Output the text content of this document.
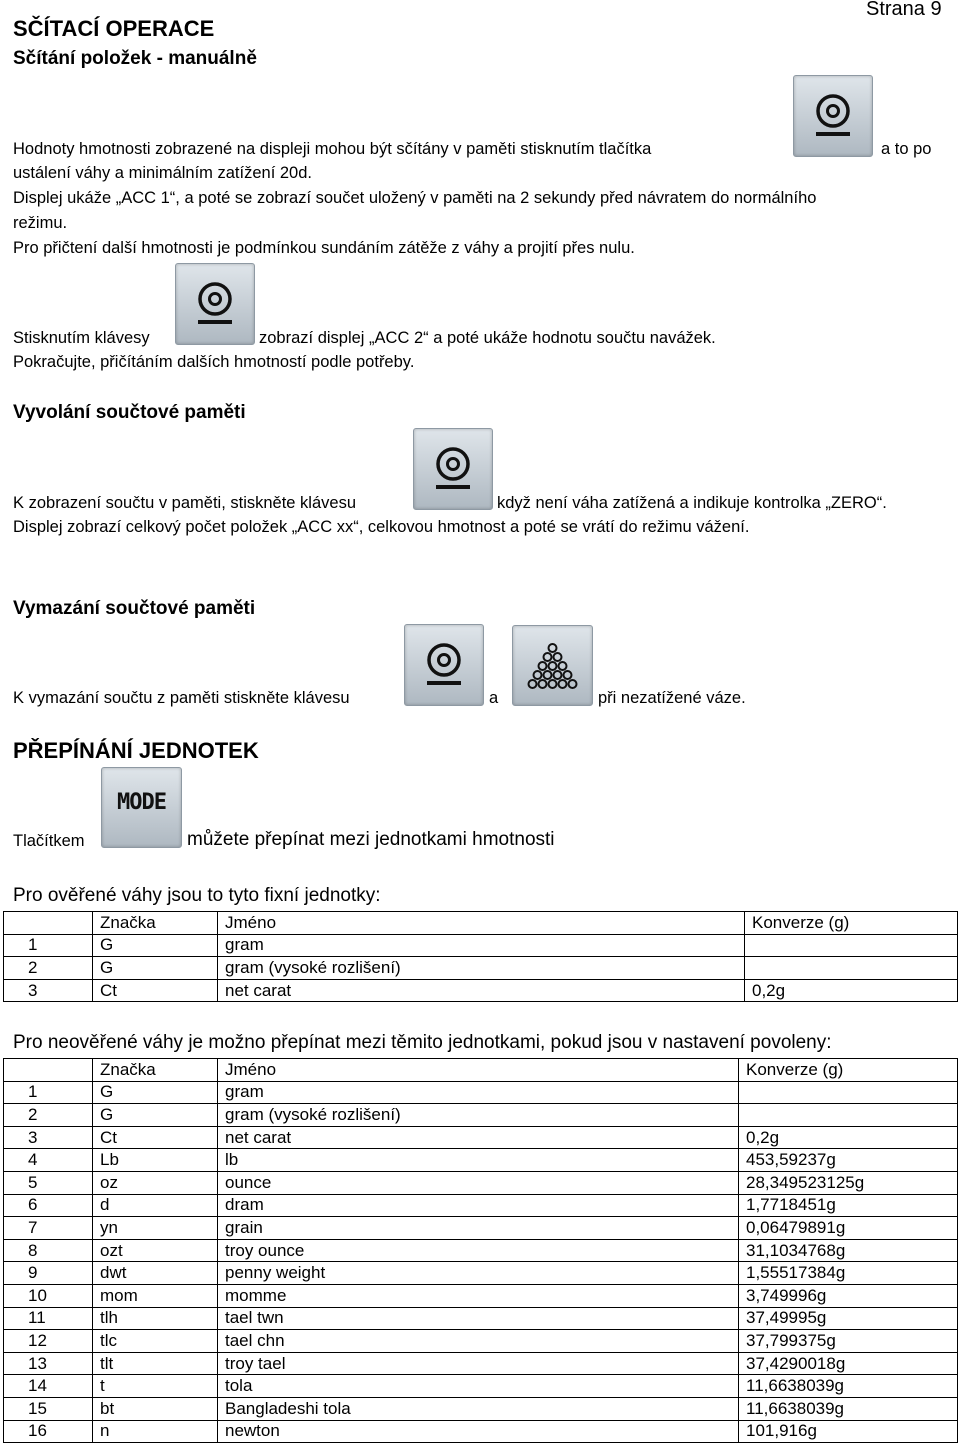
SČÍTACÍ OPERACE
Sčítání položek - manuálně
Strana 9
Hodnoty hmotnosti zobrazené na displeji mohou být sčítány v paměti stisknutím tlačítka	a to po
ustálení váhy a minimálním zatížení 20d.
Displej ukáže „ACC 1“, a poté se zobrazí součet uložený v paměti na 2 sekundy před návratem do normálního
režimu.
Pro přičtení další hmotnosti je podmínkou sundáním zátěže z váhy a projití přes nulu.
Stisknutím klávesy	zobrazí displej „ACC 2“ a poté ukáže hodnotu součtu navážek.
Pokračujte, přičítáním dalších hmotností podle potřeby.
Vyvolání součtové paměti
K zobrazení součtu v paměti, stiskněte klávesu	když není váha zatížená a indikuje kontrolka „ZERO“.
Displej zobrazí celkový počet položek „ACC xx“, celkovou hmotnost a poté se vrátí do režimu vážení.
Vymazání součtové paměti
K vymazání součtu z paměti stiskněte klávesu	a	při nezatížené váze.
PŘEPÍNÁNÍ JEDNOTEK
Tlačítkem
MODE
můžete přepínat mezi jednotkami hmotnosti
Pro ověřené váhy jsou to tyto fixní jednotky:
	Značka	Jméno	Konverze (g)
1	G	gram	
2	G	gram (vysoké rozlišení)	
3	Ct	net carat	0,2g
Pro neověřené váhy je možno přepínat mezi těmito jednotkami, pokud jsou v nastavení povoleny:
	Značka	Jméno	Konverze (g)
1	G	gram	
2	G	gram (vysoké rozlišení)	
3	Ct	net carat	0,2g
4	Lb	lb	453,59237g
5	oz	ounce	28,349523125g
6	d	dram	1,7718451g
7	yn	grain	0,06479891g
8	ozt	troy ounce	31,1034768g
9	dwt	penny weight	1,55517384g
10	mom	momme	3,749996g
11	tlh	tael twn	37,49995g
12	tlc	tael chn	37,799375g
13	tlt	troy tael	37,4290018g
14	t	tola	11,6638039g
15	bt	Bangladeshi tola	11,6638039g
16	n	newton	101,916g
